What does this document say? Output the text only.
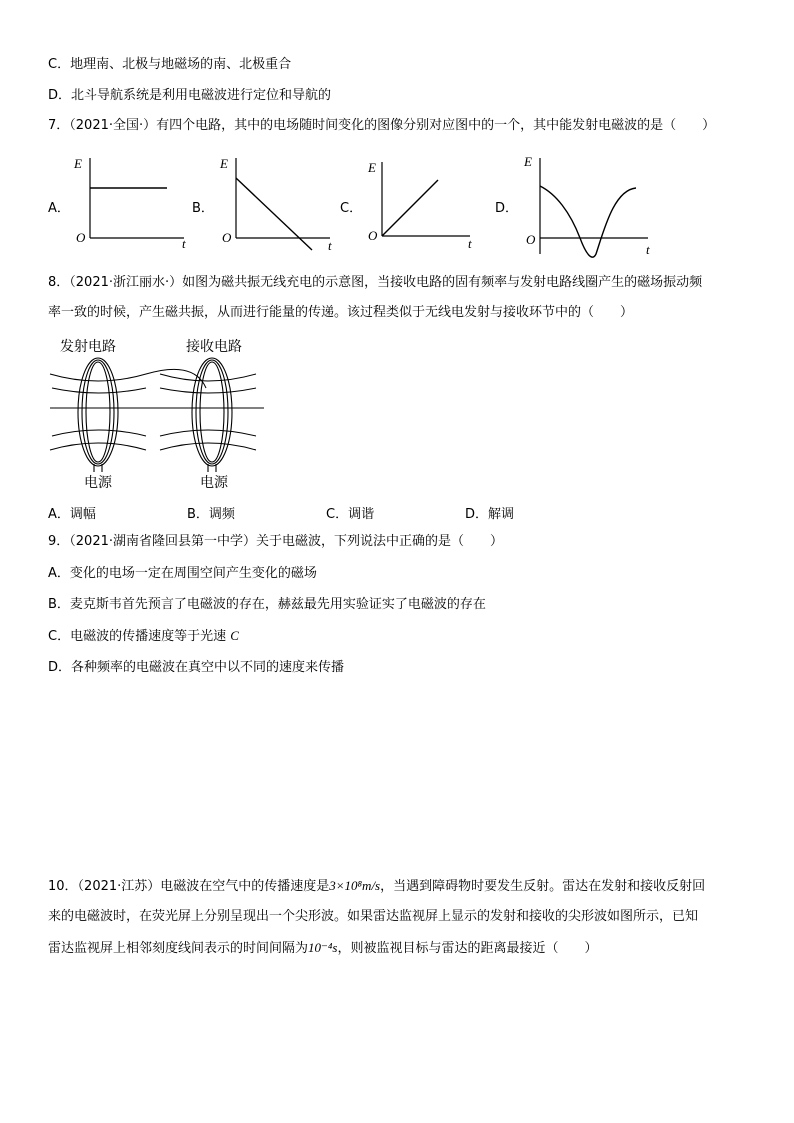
C．地理南、北极与地磁场的南、北极重合
D．北斗导航系统是利用电磁波进行定位和导航的
7．（2021·全国·）有四个电路，其中的电场随时间变化的图像分别对应图中的一个，其中能发射电磁波的是（　　）
A．
E
O	t
B．
E
O
t
C．
E
O
t
D．
E
O
t
8．（2021·浙江丽水·）如图为磁共振无线充电的示意图，当接收电路的固有频率与发射电路线圈产生的磁场振动频
率一致的时候，产生磁共振，从而进行能量的传递。该过程类似于无线电发射与接收环节中的（　　）
发射电路	接收电路
电源	电源
A．调幅	B．调频	C．调谐	D．解调
9．（2021·湖南省隆回县第一中学）关于电磁波，下列说法中正确的是（　　）
A．变化的电场一定在周围空间产生变化的磁场
B．麦克斯韦首先预言了电磁波的存在，赫兹最先用实验证实了电磁波的存在
C．电磁波的传播速度等于光速 C
D．各种频率的电磁波在真空中以不同的速度来传播
10．（2021·江苏）电磁波在空气中的传播速度是3×10⁸m/s，当遇到障碍物时要发生反射。雷达在发射和接收反射回
来的电磁波时，在荧光屏上分别呈现出一个尖形波。如果雷达监视屏上显示的发射和接收的尖形波如图所示，已知
雷达监视屏上相邻刻度线间表示的时间间隔为10⁻⁴s，则被监视目标与雷达的距离最接近（　　）
